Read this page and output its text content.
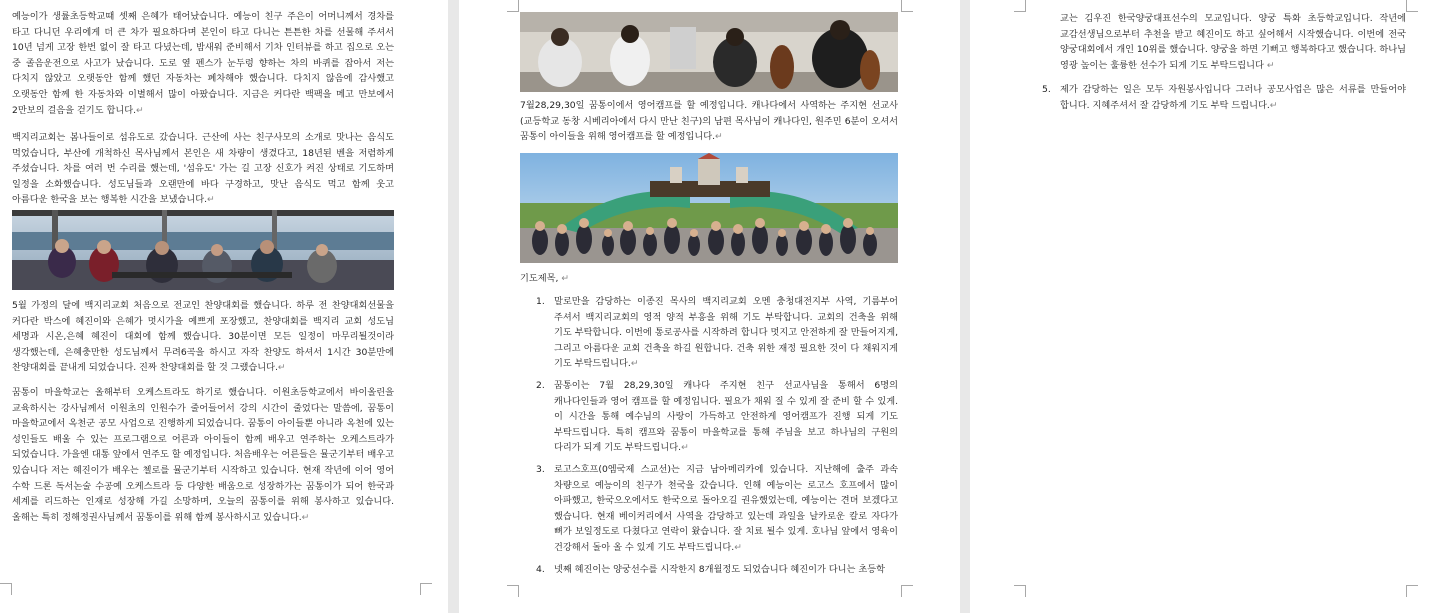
예능이가 생률초등학교때 셋째 은혜가 태어났습니다. 예능이 친구 주은이 어머니께서 경차를 타고 다니던 우리에게 더 큰 차가 필요하다며 본인이 타고 다니는 튼튼한 차를 선물해 주셔서 10년 넘게 고장 한번 없이 잘 타고 다녔는데, 밤새워 준비해서 기차 인터뷰를 하고 집으로 오는 중 졸음운전으로 사고가 났습니다. 도로 옆 펜스가 눈두렁 향하는 차의 바퀴를 잡아서 저는 다치지 않았고 오랫동안 함께 했던 자동차는 폐차해야 했습니다. 다치지 않음에 감사했고 오랫동안 함께 한 자동차와 이별해서 많이 아팠습니다. 지금은 커다란 백팩을 메고 만보에서 2만보의 걸음을 걷기도 합니다.↵
백지리교회는 봄나들이로 섬유도로 갔습니다. 근산에 사는 친구사모의 소개로 맛나는 음식도 먹었습니다, 부산에 개척하신 목사님께서 본인은 새 차량이 생겼다고, 18년된 벤을 저렴하게 주셨습니다. 차를 여러 번 수리를 했는데, '섬유도' 가는 길 고장 신호가 켜진 상태로 기도하며 일정을 소화했습니다. 성도님들과 오랜만에 바다 구경하고, 맛난 음식도 먹고 함께 웃고 아름다운 한국을 보는 행복한 시간을 보냈습니다.↵
5월 가정의 달에 백지리교회 처음으로 전교인 찬양대회를 했습니다. 하루 전 찬양대회선물을 커다란 박스에 혜진이와 은혜가 멋시가을 예쁘게 포장했고, 찬양대회를 백지리 교회 성도님 세명과 시온,은혜 혜진이 대회에 함께 했습니다. 30분이면 모든 일정이 마무리될것이라 생각했는데, 은혜충만한 성도님께서 무려6곡을 하시고 자작 찬양도 하셔서 1시간 30분만에 찬양대회를 끝내게 되었습니다. 진짜 찬양대회를 할 것 그랬습니다.↵
꿈통이 마을학교는 올해부터 오케스트라도 하기로 했습니다. 이원초등학교에서 바이올린을 교육하시는 강사님께서 이원초의 인원수가 줄어들어서 강의 시간이 줄었다는 말씀에, 꿈통이 마을학교에서 옥천군 공모 사업으로 진행하게 되었습니다. 꿈통이 아이들뿐 아니라 옥천에 있는 성인들도 배울 수 있는 프로그램으로 어른과 아이들이 함께 배우고 연주하는 오케스트라가 되었습니다. 가을엔 대통 앞에서 연주도 할 예정입니다. 처음배우는 어른들은 뮬군기부터 배우고 있습니다 저는 혜진이가 배우는 첼로를 뮬군기부터 시작하고 있습니다. 현재 작년에 이어 영어 수학 드론 독서논술 수공예 오케스트라 등 다양한 배움으로 성장하가는 꿈통이가 되어 한국과 세계를 리드하는 인재로 성장해 가길 소망하며, 오늘의 꿈통이를 위해 봉사하고 있습니다. 올해는 특히 정해정권사님께서 꿈통이를 위해 함께 봉사하시고 있습니다.↵
7월28,29,30일 꿈통이에서 영어캠프를 할 예정입니다. 캐나다에서 사역하는 주지현 선교사(교등학교 동창 시베리아에서 다시 만난 친구)의 남편 목사님이 캐나다인, 원주민 6분이 오셔서 꿈통이 아이들을 위해 영어캠프를 할 예정입니다.↵
기도제목, ↵
1. 말로만을 감당하는 이종진 목사의 백지리교회 오멘 충청대전지부 사역, 기름부어 주셔서 백지리교회의 영적 양적 부흥을 위해 기도 부탁합니다. 교회의 건축을 위해 기도 부탁합니다. 이번에 통로공사를 시작하려 합니다 멋지고 안전하게 잘 만들어지게, 그리고 아름다운 교회 건축을 하길 원합니다. 건축 위한 재정 필요한 것이 다 채워지게 기도 부탁드립니다.↵
2. 꿈통이는 7월 28,29,30일 캐나다 주지현 친구 선교사님을 통해서 6명의 캐나다인들과 영어 캠프를 할 예정입니다. 필요가 채워 질 수 있게 잘 준비 할 수 있게. 이 시간을 통해 예수님의 사랑이 가득하고 안전하게 영어캠프가 진행 되게 기도 부탁드립니다. 특히 캠프와 꿈통이 마을학교를 통해 주님을 보고 하나님의 구원의 다리가 되게 기도 부탁드립니다.↵
3. 로고스호프(0엠국제 스교선)는 지금 남아메리카에 있습니다. 지난해에 출주 과속 차량으로 예능이의 친구가 천국을 갔습니다. 인해 예능이는 로고스 호프에서 많이 아파했고, 한국으오에서도 한국으로 돌아오길 권유했었는데, 예능이는 견뎌 보겠다고 했습니다. 현재 베이커리에서 사역을 감당하고 있는데 과일을 날카로운 칼로 자다가 뼈가 보일정도로 다쳤다고 연락이 왔습니다. 잘 치료 될수 있게. 호나님 앞에서 영육이 건강해서 돌아 올 수 있게 기도 부탁드립니다.↵
4. 넷째 혜진이는 양궁선수를 시작한지 8개월정도 되었습니다 혜진이가 다니는 초등학
교는 김우진 한국양궁대표선수의 모교입니다. 양궁 특화 초등학교입니다. 작년에 교감선생님으로부터 추천을 받고 혜진이도 하고 싶어해서 시작했습니다. 이번에 전국 양궁대회에서 개인 10위를 했습니다. 양궁을 하면 기뻐고 행복하다고 했습니다. 하나님 영광 높이는 훌륭한 선수가 되게 기도 부탁드립니다 ↵
5. 제가 감당하는 일은 모두 자원봉사입니다 그러나 공모사업은 많은 서류를 만들어야 합니다. 지혜주셔서 잘 감당하게 기도 부탁 드립니다.↵
